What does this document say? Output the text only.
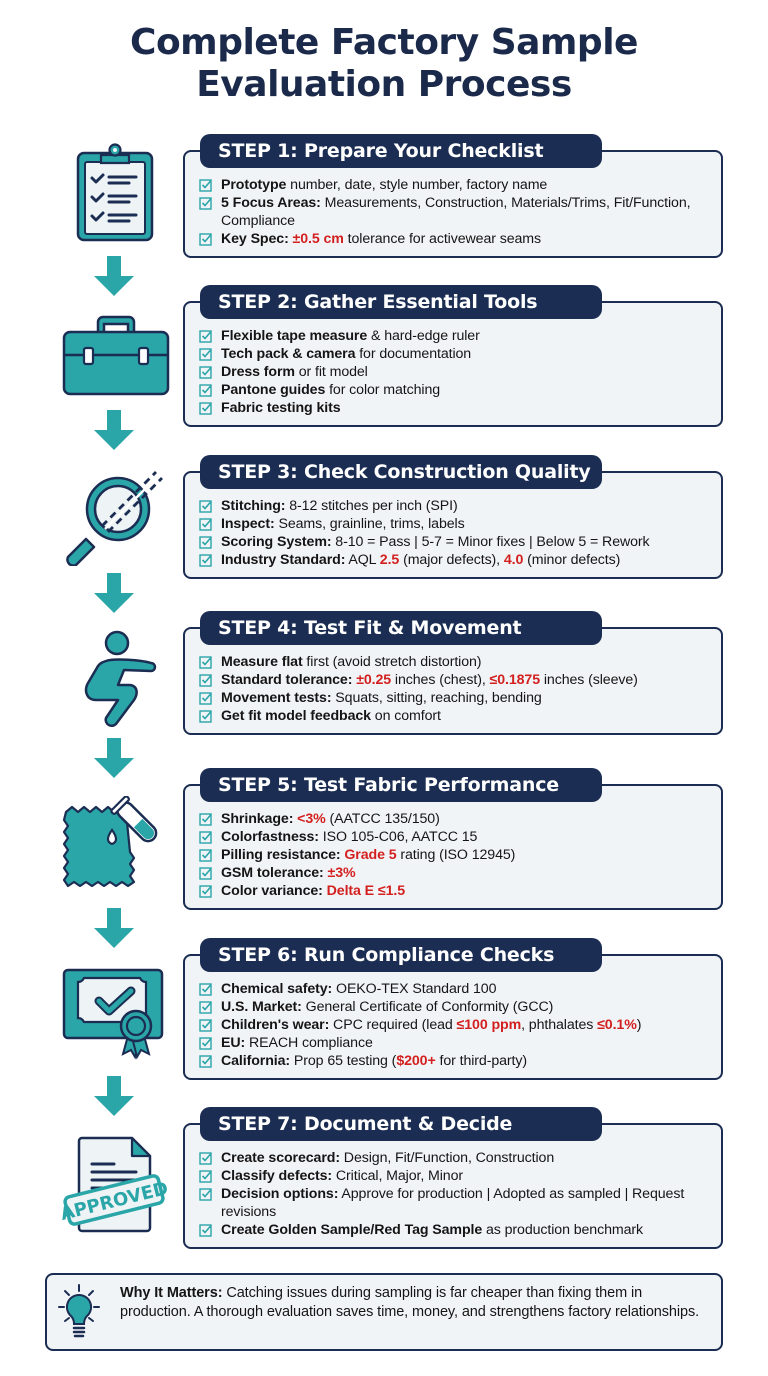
Complete Factory Sample
Evaluation Process
APPROVED
STEP 1: Prepare Your Checklist
Prototype number, date, style number, factory name
5 Focus Areas: Measurements, Construction, Materials/Trims, Fit/Function, Compliance
Key Spec: ±0.5 cm tolerance for activewear seams
STEP 2: Gather Essential Tools
Flexible tape measure & hard-edge ruler
Tech pack & camera for documentation
Dress form or fit model
Pantone guides for color matching
Fabric testing kits
STEP 3: Check Construction Quality
Stitching: 8-12 stitches per inch (SPI)
Inspect: Seams, grainline, trims, labels
Scoring System: 8-10 = Pass | 5-7 = Minor fixes | Below 5 = Rework
Industry Standard: AQL 2.5 (major defects), 4.0 (minor defects)
STEP 4: Test Fit & Movement
Measure flat first (avoid stretch distortion)
Standard tolerance: ±0.25 inches (chest), ≤0.1875 inches (sleeve)
Movement tests: Squats, sitting, reaching, bending
Get fit model feedback on comfort
STEP 5: Test Fabric Performance
Shrinkage: <3% (AATCC 135/150)
Colorfastness: ISO 105-C06, AATCC 15
Pilling resistance: Grade 5 rating (ISO 12945)
GSM tolerance: ±3%
Color variance: Delta E ≤1.5
STEP 6: Run Compliance Checks
Chemical safety: OEKO-TEX Standard 100
U.S. Market: General Certificate of Conformity (GCC)
Children's wear: CPC required (lead ≤100 ppm, phthalates ≤0.1%)
EU: REACH compliance
California: Prop 65 testing ($200+ for third-party)
STEP 7: Document & Decide
Create scorecard: Design, Fit/Function, Construction
Classify defects: Critical, Major, Minor
Decision options: Approve for production | Adopted as sampled | Request revisions
Create Golden Sample/Red Tag Sample as production benchmark
Why It Matters: Catching issues during sampling is far cheaper than fixing them in production. A thorough evaluation saves time, money, and strengthens factory relationships.
